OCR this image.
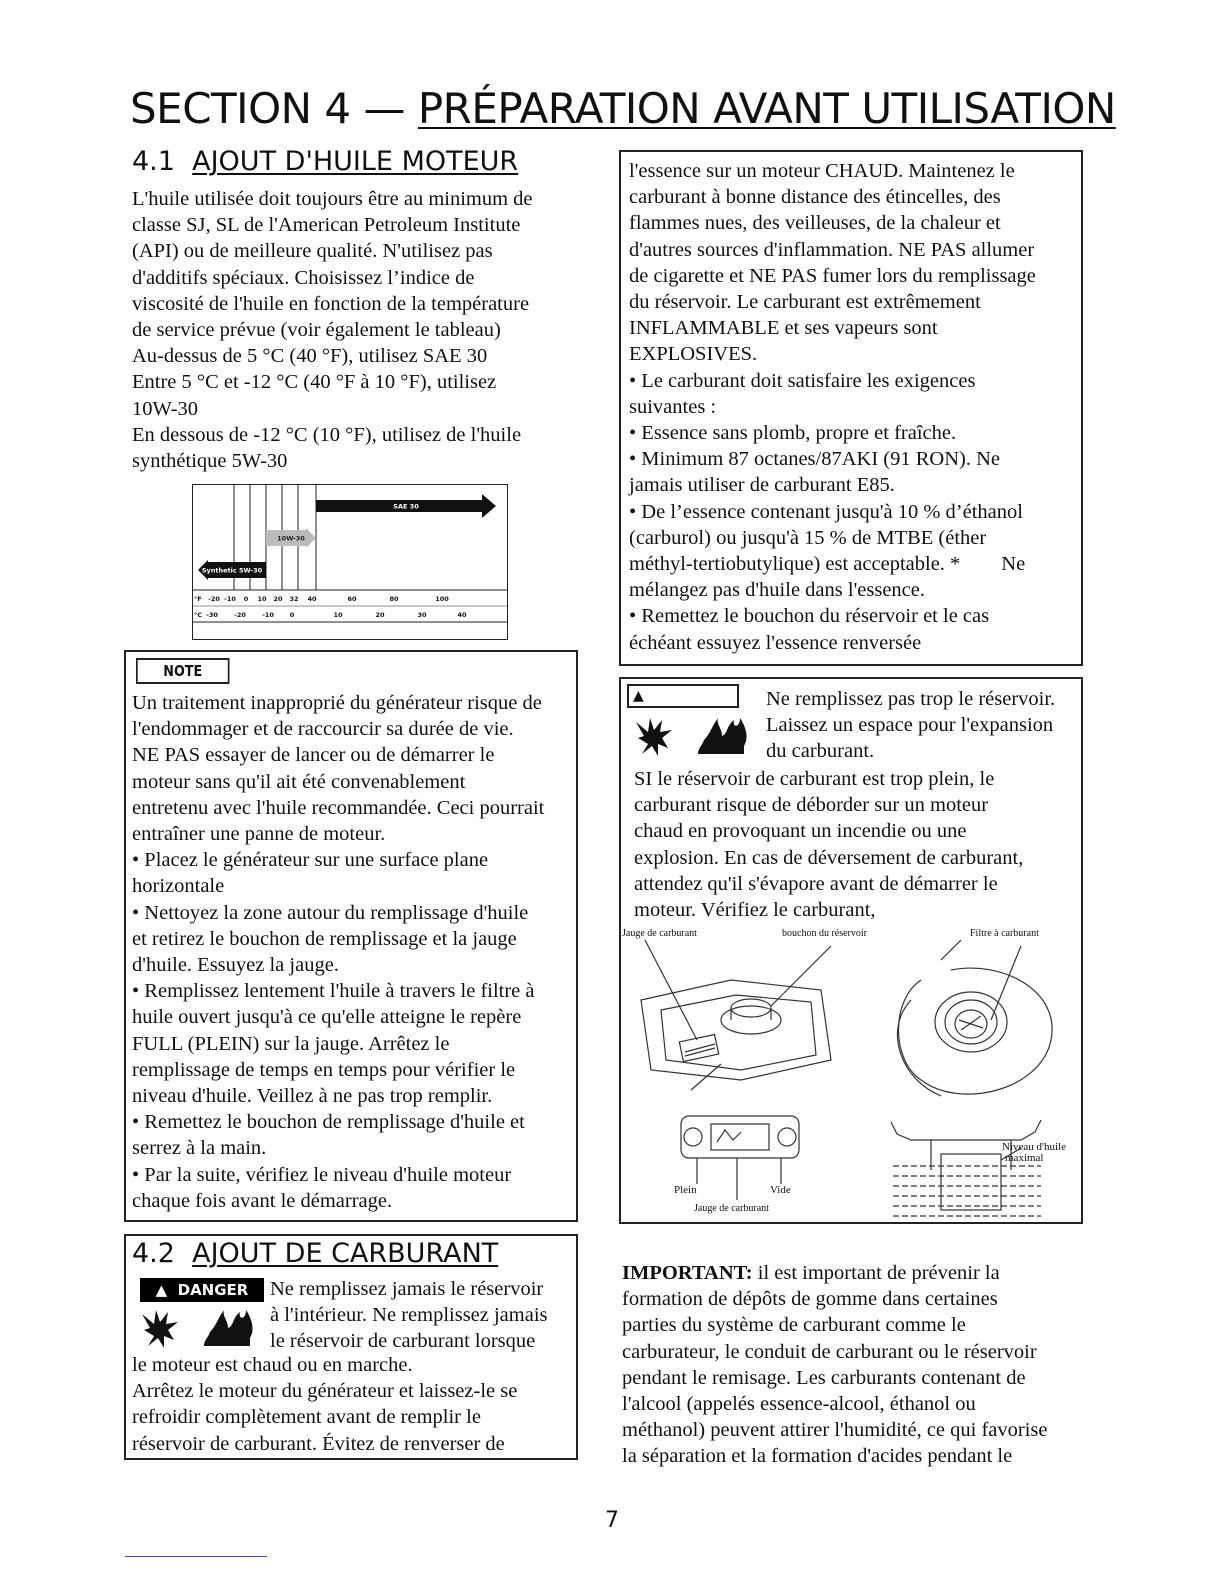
SECTION 4 — PRÉPARATION AVANT UTILISATION
4.1 AJOUT D'HUILE MOTEUR

L'huile utilisée doit toujours être au minimum de

classe SJ, SL de l'American Petroleum Institute

(API) ou de meilleure qualité. N'utilisez pas

d'additifs spéciaux. Choisissez l’indice de

viscosité de l'huile en fonction de la température

de service prévue (voir également le tableau)

Au-dessus de 5 °C (40 °F), utilisez SAE 30

Entre 5 °C et -12 °C (40 °F à 10 °F), utilisez

10W-30

En dessous de -12 °C (10 °F), utilisez de l'huile

synthétique 5W-30

SAE 30
10W-30
Synthetic 5W-30
°F -20 -10 0 10 20 32 40	60	80	100
°C -30	-20	-10 0	10	20	30	40
NOTE

Un traitement inapproprié du générateur risque de

l'endommager et de raccourcir sa durée de vie.

NE PAS essayer de lancer ou de démarrer le

moteur sans qu'il ait été convenablement

entretenu avec l'huile recommandée. Ceci pourrait

entraîner une panne de moteur.

• Placez le générateur sur une surface plane

horizontale

• Nettoyez la zone autour du remplissage d'huile

et retirez le bouchon de remplissage et la jauge

d'huile. Essuyez la jauge.

• Remplissez lentement l'huile à travers le filtre à

huile ouvert jusqu'à ce qu'elle atteigne le repère

FULL (PLEIN) sur la jauge. Arrêtez le

remplissage de temps en temps pour vérifier le

niveau d'huile. Veillez à ne pas trop remplir.

• Remettez le bouchon de remplissage d'huile et

serrez à la main.

• Par la suite, vérifiez le niveau d'huile moteur

chaque fois avant le démarrage.

4.2 AJOUT DE CARBURANT
▲ DANGER	Ne remplissez jamais le réservoir

à l'intérieur. Ne remplissez jamais

le réservoir de carburant lorsque

le moteur est chaud ou en marche.

Arrêtez le moteur du générateur et laissez-le se

refroidir complètement avant de remplir le

réservoir de carburant. Évitez de renverser de

l'essence sur un moteur CHAUD. Maintenez le

carburant à bonne distance des étincelles, des

flammes nues, des veilleuses, de la chaleur et

d'autres sources d'inflammation. NE PAS allumer

de cigarette et NE PAS fumer lors du remplissage

du réservoir. Le carburant est extrêmement

INFLAMMABLE et ses vapeurs sont

EXPLOSIVES.

• Le carburant doit satisfaire les exigences

suivantes :

• Essence sans plomb, propre et fraîche.

• Minimum 87 octanes/87AKI (91 RON). Ne

jamais utiliser de carburant E85.

• De l’essence contenant jusqu'à 10 % d’éthanol

(carburol) ou jusqu'à 15 % de MTBE (éther

méthyl-tertiobutylique) est acceptable. *        Ne

mélangez pas d'huile dans l'essence.

• Remettez le bouchon du réservoir et le cas

échéant essuyez l'essence renversée

▲	Ne remplissez pas trop le réservoir.

Laissez un espace pour l'expansion

du carburant.

SI le réservoir de carburant est trop plein, le

carburant risque de déborder sur un moteur

chaud en provoquant un incendie ou une

explosion. En cas de déversement de carburant,

attendez qu'il s'évapore avant de démarrer le

moteur. Vérifiez le carburant,

Jauge de carburant	bouchon du réservoir	Filtre à carburant
Plein	Vide
Jauge de carburant
Niveau d'huile
maximal

IMPORTANT: il est important de prévenir la

formation de dépôts de gomme dans certaines

parties du système de carburant comme le

carburateur, le conduit de carburant ou le réservoir

pendant le remisage. Les carburants contenant de

l'alcool (appelés essence-alcool, éthanol ou

méthanol) peuvent attirer l'humidité, ce qui favorise

la séparation et la formation d'acides pendant le

7
